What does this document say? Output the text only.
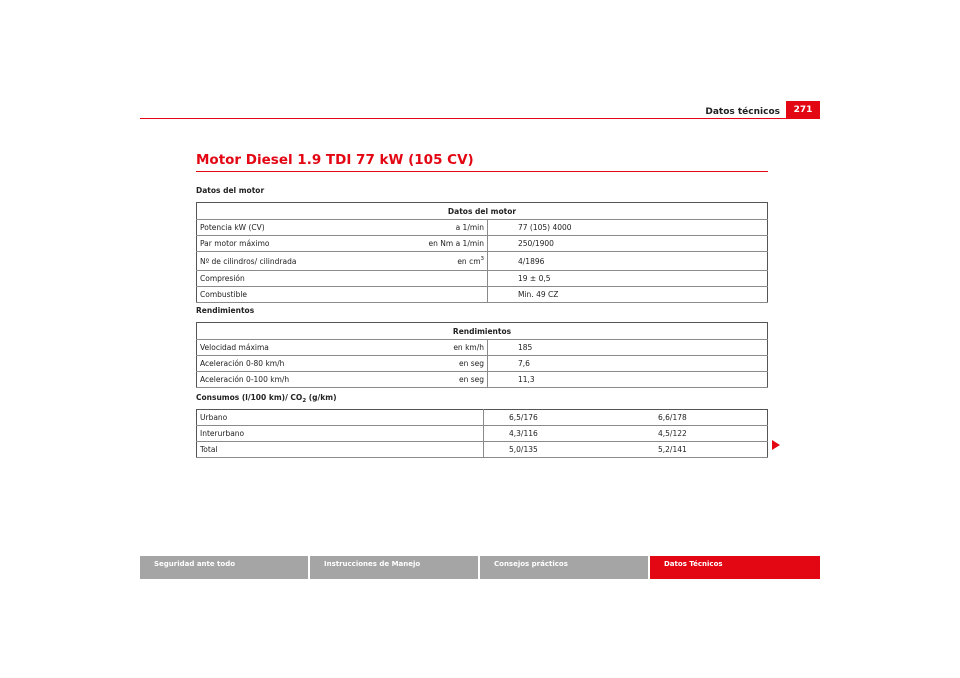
Datos técnicos	271
Motor Diesel 1.9 TDI 77 kW (105 CV)
Datos del motor
Datos del motor		
Potencia kW (CV)	a 1/min	77 (105) 4000
Par motor máximo	en Nm a 1/min	250/1900
Nº de cilindros/ cilindrada	en $cm^3$	4/1896
Compresión		19 ± 0,5
Combustible		Min. 49 CZ
Rendimientos
Rendimientos		
Velocidad máxima	en km/h	185
Aceleración 0-80 km/h	en seg	7,6
Aceleración 0-100 km/h	en seg	11,3
Consumos (l/100 km)/ $CO_2$ (g/km)
Urbano	6,5/176	6,6/178
Interurbano	4,3/116	4,5/122
Total	5,0/135	5,2/141
Seguridad ante todo	Instrucciones de Manejo	Consejos prácticos	Datos Técnicos
